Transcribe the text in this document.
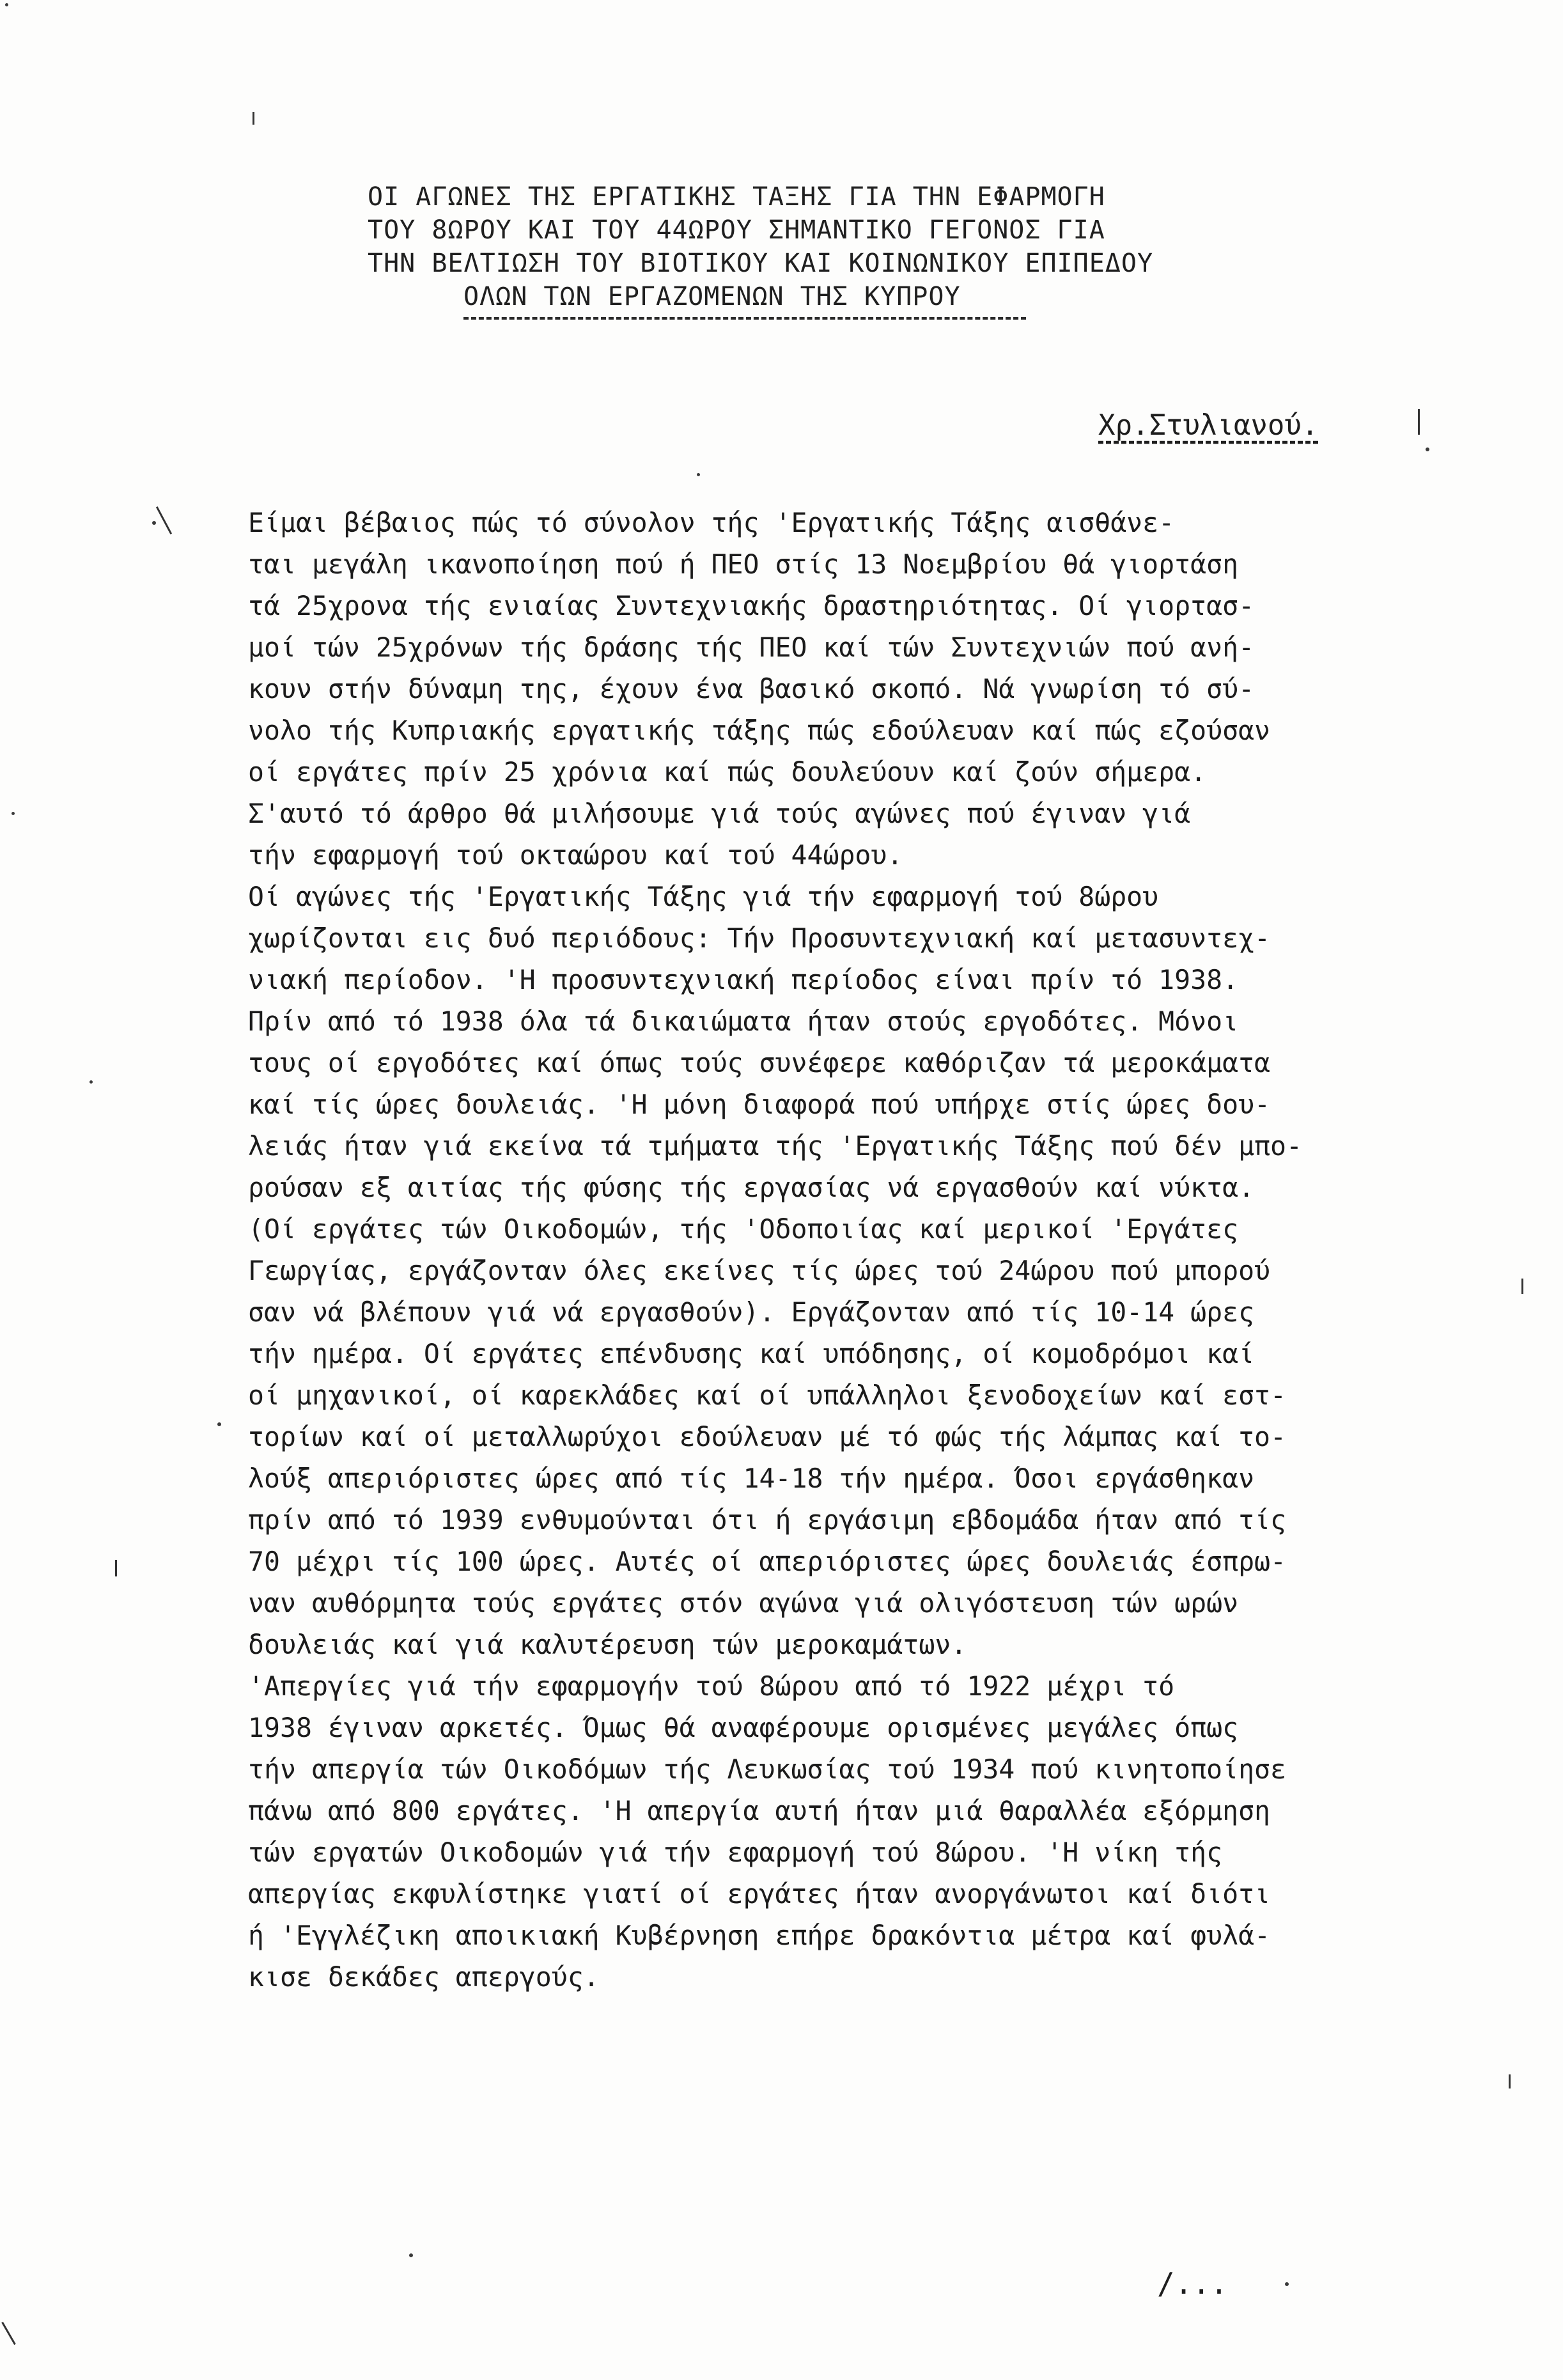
ΟΙ ΑΓΩΝΕΣ ΤΗΣ ΕΡΓΑΤΙΚΗΣ ΤΑΞΗΣ ΓΙΑ ΤΗΝ ΕΦΑΡΜΟΓΗ
ΤΟΥ 8ΩΡΟΥ ΚΑΙ ΤΟΥ 44ΩΡΟΥ ΣΗΜΑΝΤΙΚΟ ΓΕΓΟΝΟΣ ΓΙΑ
ΤΗΝ ΒΕΛΤΙΩΣΗ ΤΟΥ ΒΙΟΤΙΚΟΥ ΚΑΙ ΚΟΙΝΩΝΙΚΟΥ ΕΠΙΠΕΔΟΥ
ΟΛΩΝ ΤΩΝ ΕΡΓΑΖΟΜΕΝΩΝ ΤΗΣ ΚΥΠΡΟΥ
Χρ.Στυλιανού.
Είμαι βέβαιος πώς τό σύνολον τής 'Εργατικής Τάξης αισθάνε-
ται μεγάλη ικανοποίηση πού ή ΠΕΟ στίς 13 Νοεμβρίου θά γιορτάση
τά 25χρονα τής ενιαίας Συντεχνιακής δραστηριότητας. Οί γιορτασ-
μοί τών 25χρόνων τής δράσης τής ΠΕΟ καί τών Συντεχνιών πού ανή-
κουν στήν δύναμη της, έχουν ένα βασικό σκοπό. Νά γνωρίση τό σύ-
νολο τής Κυπριακής εργατικής τάξης πώς εδούλευαν καί πώς εζούσαν
οί εργάτες πρίν 25 χρόνια καί πώς δουλεύουν καί ζούν σήμερα.
Σ'αυτό τό άρθρο θά μιλήσουμε γιά τούς αγώνες πού έγιναν γιά
τήν εφαρμογή τού οκταώρου καί τού 44ώρου.
Οί αγώνες τής 'Εργατικής Τάξης γιά τήν εφαρμογή τού 8ώρου
χωρίζονται εις δυό περιόδους: Τήν Προσυντεχνιακή καί μετασυντεχ-
νιακή περίοδον. 'Η προσυντεχνιακή περίοδος είναι πρίν τό 1938.
Πρίν από τό 1938 όλα τά δικαιώματα ήταν στούς εργοδότες. Μόνοι
τους οί εργοδότες καί όπως τούς συνέφερε καθόριζαν τά μεροκάματα
καί τίς ώρες δουλειάς. 'Η μόνη διαφορά πού υπήρχε στίς ώρες δου-
λειάς ήταν γιά εκείνα τά τμήματα τής 'Εργατικής Τάξης πού δέν μπο-
ρούσαν εξ αιτίας τής φύσης τής εργασίας νά εργασθούν καί νύκτα.
(Οί εργάτες τών Οικοδομών, τής 'Οδοποιίας καί μερικοί 'Εργάτες
Γεωργίας, εργάζονταν όλες εκείνες τίς ώρες τού 24ώρου πού μπορού
σαν νά βλέπουν γιά νά εργασθούν). Εργάζονταν από τίς 10-14 ώρες
τήν ημέρα. Οί εργάτες επένδυσης καί υπόδησης, οί κομοδρόμοι καί
οί μηχανικοί, οί καρεκλάδες καί οί υπάλληλοι ξενοδοχείων καί εστ-
τορίων καί οί μεταλλωρύχοι εδούλευαν μέ τό φώς τής λάμπας καί το-
λούξ απεριόριστες ώρες από τίς 14-18 τήν ημέρα. Όσοι εργάσθηκαν
πρίν από τό 1939 ενθυμούνται ότι ή εργάσιμη εβδομάδα ήταν από τίς
70 μέχρι τίς 100 ώρες. Αυτές οί απεριόριστες ώρες δουλειάς έσπρω-
ναν αυθόρμητα τούς εργάτες στόν αγώνα γιά ολιγόστευση τών ωρών
δουλειάς καί γιά καλυτέρευση τών μεροκαμάτων.
'Απεργίες γιά τήν εφαρμογήν τού 8ώρου από τό 1922 μέχρι τό
1938 έγιναν αρκετές. Όμως θά αναφέρουμε ορισμένες μεγάλες όπως
τήν απεργία τών Οικοδόμων τής Λευκωσίας τού 1934 πού κινητοποίησε
πάνω από 800 εργάτες. 'Η απεργία αυτή ήταν μιά θαραλλέα εξόρμηση
τών εργατών Οικοδομών γιά τήν εφαρμογή τού 8ώρου. 'Η νίκη τής
απεργίας εκφυλίστηκε γιατί οί εργάτες ήταν ανοργάνωτοι καί διότι
ή 'Εγγλέζικη αποικιακή Κυβέρνηση επήρε δρακόντια μέτρα καί φυλά-
κισε δεκάδες απεργούς.
/...
